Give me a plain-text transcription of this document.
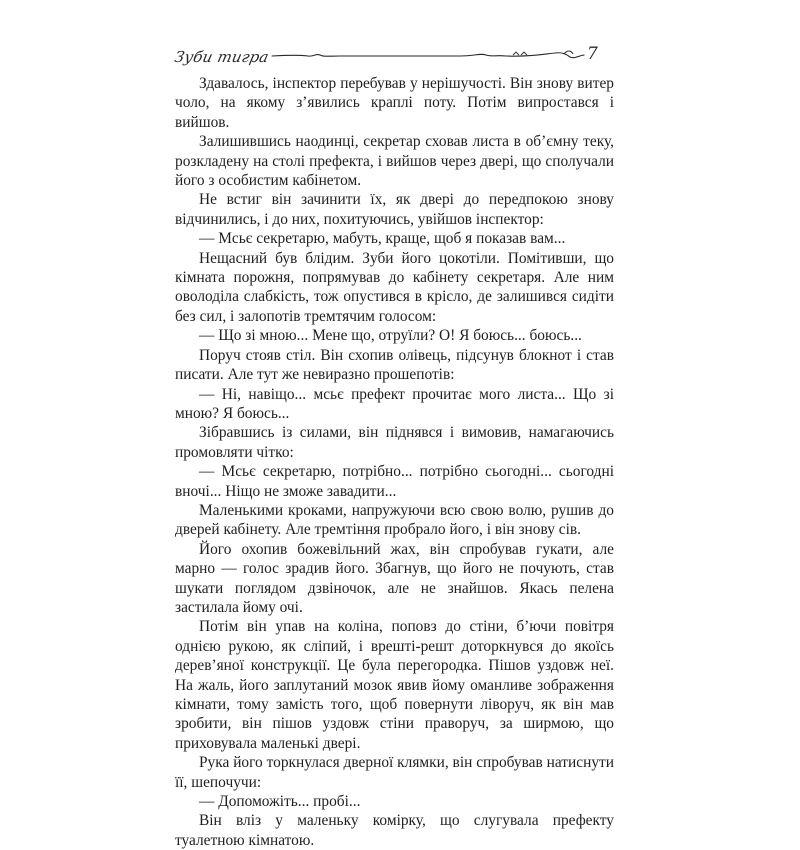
Зуби тигра	7

Здавалось, інспектор перебував у нерішучості. Він знову витер чоло, на якому з’явились краплі поту. Потім випростався і вийшов.

Залишившись наодинці, секретар сховав листа в об’ємну теку, розкладену на столі префекта, і вийшов через двері, що сполучали його з особистим кабінетом.

Не встиг він зачинити їх, як двері до передпокою знову відчинились, і до них, похитуючись, увійшов інспектор:

— Мсьє секретарю, мабуть, краще, щоб я показав вам...

Нещасний був блідим. Зуби його цокотіли. Помітивши, що кімната порожня, попрямував до кабінету секретаря. Але ним оволоділа слабкість, тож опустився в крісло, де залишився сидіти без сил, і залопотів тремтячим голосом:

— Що зі мною... Мене що, отруїли? О! Я боюсь... боюсь...

Поруч стояв стіл. Він схопив олівець, підсунув блокнот і став писати. Але тут же невиразно прошепотів:

— Ні, навіщо... мсьє префект прочитає мого листа... Що зі мною? Я боюсь...

Зібравшись із силами, він піднявся і вимовив, намагаючись промовляти чітко:

— Мсьє секретарю, потрібно... потрібно сьогодні... сьогодні вночі... Ніщо не зможе завадити...

Маленькими кроками, напружуючи всю свою волю, рушив до дверей кабінету. Але тремтіння пробрало його, і він знову сів.

Його охопив божевільний жах, він спробував гукати, але марно — голос зрадив його. Збагнув, що його не почують, став шукати поглядом дзвіночок, але не знайшов. Якась пелена застилала йому очі.

Потім він упав на коліна, поповз до стіни, б’ючи повітря однією рукою, як сліпий, і врешті-решт доторкнувся до якоїсь дерев’яної конструкції. Це була перегородка. Пішов уздовж неї. На жаль, його заплутаний мозок явив йому оманливе зображення кімнати, тому замість того, щоб повернути ліворуч, як він мав зробити, він пішов уздовж стіни праворуч, за ширмою, що приховувала маленькі двері.

Рука його торкнулася дверної клямки, він спробував натиснути її, шепочучи:

— Допоможіть... пробі...

Він вліз у маленьку комірку, що слугувала префекту туалетною кімнатою.
